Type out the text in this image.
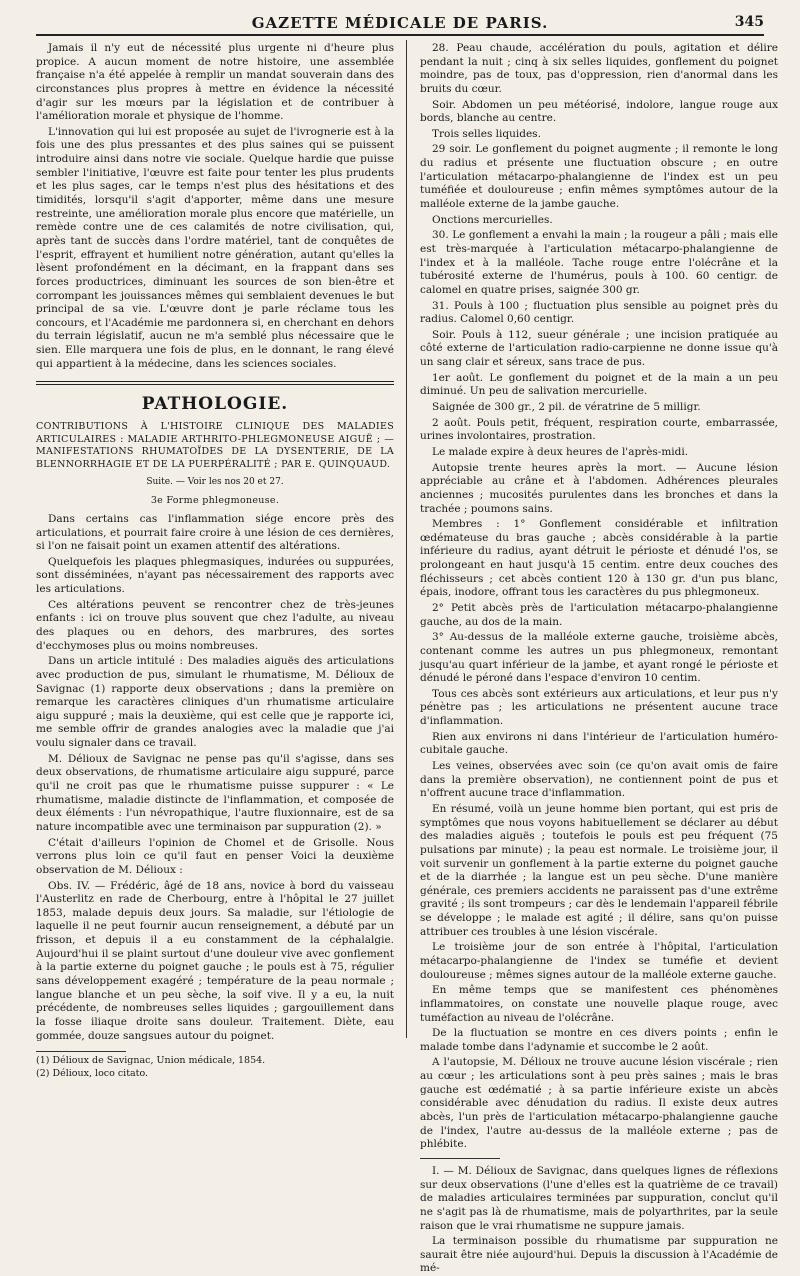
GAZETTE MÉDICALE DE PARIS.	345

Jamais il n'y eut de nécessité plus urgente ni d'heure plus propice. A aucun moment de notre histoire, une assemblée française n'a été appelée à remplir un mandat souverain dans des circonstances plus propres à mettre en évidence la nécessité d'agir sur les mœurs par la législation et de contribuer à l'amélioration morale et physique de l'homme.

L'innovation qui lui est proposée au sujet de l'ivrognerie est à la fois une des plus pressantes et des plus saines qui se puissent introduire ainsi dans notre vie sociale. Quelque hardie que puisse sembler l'initiative, l'œuvre est faite pour tenter les plus prudents et les plus sages, car le temps n'est plus des hésitations et des timidités, lorsqu'il s'agit d'apporter, même dans une mesure restreinte, une amélioration morale plus encore que matérielle, un remède contre une de ces calamités de notre civilisation, qui, après tant de succès dans l'ordre matériel, tant de conquêtes de l'esprit, effrayent et humilient notre génération, autant qu'elles la lèsent profondément en la décimant, en la frappant dans ses forces productrices, diminuant les sources de son bien-être et corrompant les jouissances mêmes qui semblaient devenues le but principal de sa vie. L'œuvre dont je parle réclame tous les concours, et l'Académie me pardonnera si, en cherchant en dehors du terrain législatif, aucun ne m'a semblé plus nécessaire que le sien. Elle marquera une fois de plus, en le donnant, le rang élevé qui appartient à la médecine, dans les sciences sociales.

PATHOLOGIE.

CONTRIBUTIONS À L'HISTOIRE CLINIQUE DES MALADIES ARTICULAIRES : MALADIE ARTHRITO-PHLEGMONEUSE AIGUË ; — MANIFESTATIONS RHUMATOÏDES DE LA DYSENTERIE, DE LA BLENNORRHAGIE ET DE LA PUERPÉRALITÉ ; PAR E. QUINQUAUD.

Suite. — Voir les nos 20 et 27.

3e Forme phlegmoneuse.

Dans certains cas l'inflammation siége encore près des articulations, et pourrait faire croire à une lésion de ces dernières, si l'on ne faisait point un examen attentif des altérations.

Quelquefois les plaques phlegmasiques, indurées ou suppurées, sont disséminées, n'ayant pas nécessairement des rapports avec les articulations.

Ces altérations peuvent se rencontrer chez de très-jeunes enfants : ici on trouve plus souvent que chez l'adulte, au niveau des plaques ou en dehors, des marbrures, des sortes d'ecchymoses plus ou moins nombreuses.

Dans un article intitulé : Des maladies aiguës des articulations avec production de pus, simulant le rhumatisme, M. Délioux de Savignac (1) rapporte deux observations ; dans la première on remarque les caractères cliniques d'un rhumatisme articulaire aigu suppuré ; mais la deuxième, qui est celle que je rapporte ici, me semble offrir de grandes analogies avec la maladie que j'ai voulu signaler dans ce travail.

M. Délioux de Savignac ne pense pas qu'il s'agisse, dans ses deux observations, de rhumatisme articulaire aigu suppuré, parce qu'il ne croit pas que le rhumatisme puisse suppurer : « Le rhumatisme, maladie distincte de l'inflammation, et composée de deux éléments : l'un névropathique, l'autre fluxionnaire, est de sa nature incompatible avec une terminaison par suppuration (2). »

C'était d'ailleurs l'opinion de Chomel et de Grisolle. Nous verrons plus loin ce qu'il faut en penser Voici la deuxième observation de M. Délioux :

Obs. IV. — Frédéric, âgé de 18 ans, novice à bord du vaisseau l'Austerlitz en rade de Cherbourg, entre à l'hôpital le 27 juillet 1853, malade depuis deux jours. Sa maladie, sur l'étiologie de laquelle il ne peut fournir aucun renseignement, a débuté par un frisson, et depuis il a eu constamment de la céphalalgie. Aujourd'hui il se plaint surtout d'une douleur vive avec gonflement à la partie externe du poignet gauche ; le pouls est à 75, régulier sans développement exagéré ; température de la peau normale ; langue blanche et un peu sèche, la soif vive. Il y a eu, la nuit précédente, de nombreuses selles liquides ; gargouillement dans la fosse iliaque droite sans douleur. Traitement. Diète, eau gommée, douze sangsues autour du poignet.

(1) Délioux de Savignac, Union médicale, 1854.

(2) Délioux, loco citato.

28. Peau chaude, accélération du pouls, agitation et délire pendant la nuit ; cinq à six selles liquides, gonflement du poignet moindre, pas de toux, pas d'oppression, rien d'anormal dans les bruits du cœur.

Soir. Abdomen un peu météorisé, indolore, langue rouge aux bords, blanche au centre.

Trois selles liquides.

29 soir. Le gonflement du poignet augmente ; il remonte le long du radius et présente une fluctuation obscure ; en outre l'articulation métacarpo-phalangienne de l'index est un peu tuméfiée et douloureuse ; enfin mêmes symptômes autour de la malléole externe de la jambe gauche.

Onctions mercurielles.

30. Le gonflement a envahi la main ; la rougeur a pâli ; mais elle est très-marquée à l'articulation métacarpo-phalangienne de l'index et à la malléole. Tache rouge entre l'olécrâne et la tubérosité externe de l'humérus, pouls à 100. 60 centigr. de calomel en quatre prises, saignée 300 gr.

31. Pouls à 100 ; fluctuation plus sensible au poignet près du radius. Calomel 0,60 centigr.

Soir. Pouls à 112, sueur générale ; une incision pratiquée au côté externe de l'articulation radio-carpienne ne donne issue qu'à un sang clair et séreux, sans trace de pus.

1er août. Le gonflement du poignet et de la main a un peu diminué. Un peu de salivation mercurielle.

Saignée de 300 gr., 2 pil. de vératrine de 5 milligr.

2 août. Pouls petit, fréquent, respiration courte, embarrassée, urines involontaires, prostration.

Le malade expire à deux heures de l'après-midi.

Autopsie trente heures après la mort. — Aucune lésion appréciable au crâne et à l'abdomen. Adhérences pleurales anciennes ; mucosités purulentes dans les bronches et dans la trachée ; poumons sains.

Membres : 1° Gonflement considérable et infiltration œdémateuse du bras gauche ; abcès considérable à la partie inférieure du radius, ayant détruit le périoste et dénudé l'os, se prolongeant en haut jusqu'à 15 centim. entre deux couches des fléchisseurs ; cet abcès contient 120 à 130 gr. d'un pus blanc, épais, inodore, offrant tous les caractères du pus phlegmoneux.

2° Petit abcès près de l'articulation métacarpo-phalangienne gauche, au dos de la main.

3° Au-dessus de la malléole externe gauche, troisième abcès, contenant comme les autres un pus phlegmoneux, remontant jusqu'au quart inférieur de la jambe, et ayant rongé le périoste et dénudé le péroné dans l'espace d'environ 10 centim.

Tous ces abcès sont extérieurs aux articulations, et leur pus n'y pénètre pas ; les articulations ne présentent aucune trace d'inflammation.

Rien aux environs ni dans l'intérieur de l'articulation huméro-cubitale gauche.

Les veines, observées avec soin (ce qu'on avait omis de faire dans la première observation), ne contiennent point de pus et n'offrent aucune trace d'inflammation.

En résumé, voilà un jeune homme bien portant, qui est pris de symptômes que nous voyons habituellement se déclarer au début des maladies aiguës ; toutefois le pouls est peu fréquent (75 pulsations par minute) ; la peau est normale. Le troisième jour, il voit survenir un gonflement à la partie externe du poignet gauche et de la diarrhée ; la langue est un peu sèche. D'une manière générale, ces premiers accidents ne paraissent pas d'une extrême gravité ; ils sont trompeurs ; car dès le lendemain l'appareil fébrile se développe ; le malade est agité ; il délire, sans qu'on puisse attribuer ces troubles à une lésion viscérale.

Le troisième jour de son entrée à l'hôpital, l'articulation métacarpo-phalangienne de l'index se tuméfie et devient douloureuse ; mêmes signes autour de la malléole externe gauche.

En même temps que se manifestent ces phénomènes inflammatoires, on constate une nouvelle plaque rouge, avec tuméfaction au niveau de l'olécrâne.

De la fluctuation se montre en ces divers points ; enfin le malade tombe dans l'adynamie et succombe le 2 août.

A l'autopsie, M. Délioux ne trouve aucune lésion viscérale ; rien au cœur ; les articulations sont à peu près saines ; mais le bras gauche est œdématié ; à sa partie inférieure existe un abcès considérable avec dénudation du radius. Il existe deux autres abcès, l'un près de l'articulation métacarpo-phalangienne gauche de l'index, l'autre au-dessus de la malléole externe ; pas de phlébite.

I. — M. Délioux de Savignac, dans quelques lignes de réflexions sur deux observations (l'une d'elles est la quatrième de ce travail) de maladies articulaires terminées par suppuration, conclut qu'il ne s'agit pas là de rhumatisme, mais de polyarthrites, par la seule raison que le vrai rhumatisme ne suppure jamais.

La terminaison possible du rhumatisme par suppuration ne saurait être niée aujourd'hui. Depuis la discussion à l'Académie de mé-
